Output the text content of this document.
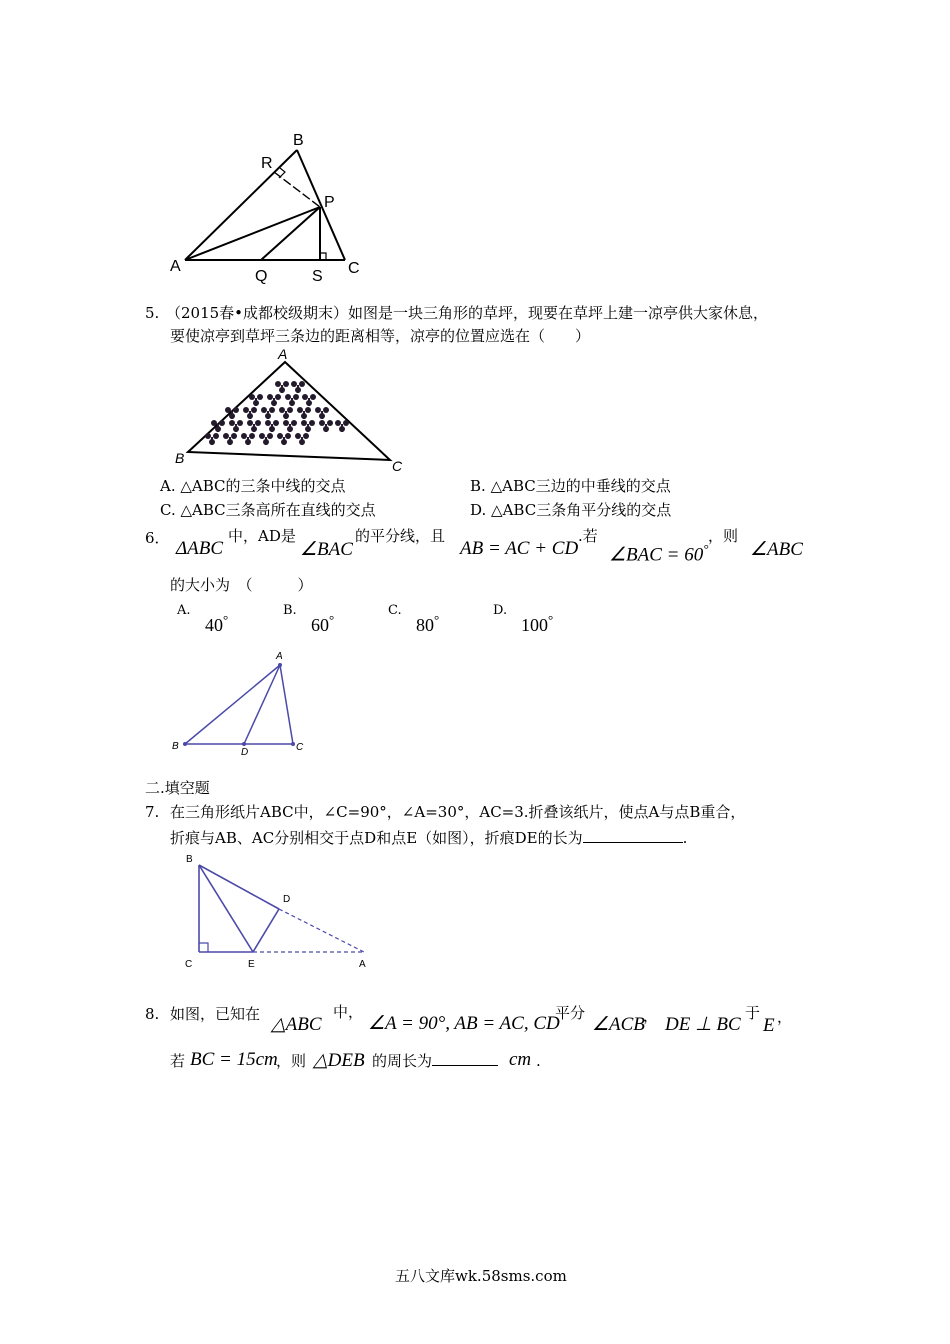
A
B
C
P
Q
R
S
5. （2015春•成都校级期末）如图是一块三角形的草坪，现要在草坪上建一凉亭供大家休息，
要使凉亭到草坪三条边的距离相等，凉亭的位置应选在（　　）
A
B	C
A. △ABC的三条中线的交点	B. △ABC三边的中垂线的交点
C. △ABC三条高所在直线的交点	D. △ABC三条角平分线的交点
6． ΔABC
中，AD是
∠BAC
的平分线，且
AB = AC + CD
.若
∠BAC = 60°
，则
∠ABC
的大小为　（　　　）
A.
40°
B.
60°
C.
80°
D.
100°
A
B	C
D
二.填空题
7. 在三角形纸片ABC中，∠C=90°，∠A=30°，AC=3.折叠该纸片，使点A与点B重合，
折痕与AB、AC分别相交于点D和点E（如图），折痕DE的长为	.
B
D
C	E	A
8. 如图，已知在 △ABC
中，
∠A = 90°, AB = AC, CD
平分
∠ACB
， DE ⊥ BC
于
E ，
若 BC = 15cm
，则 △DEB 的周长为	cm .
五八文库wk.58sms.com
